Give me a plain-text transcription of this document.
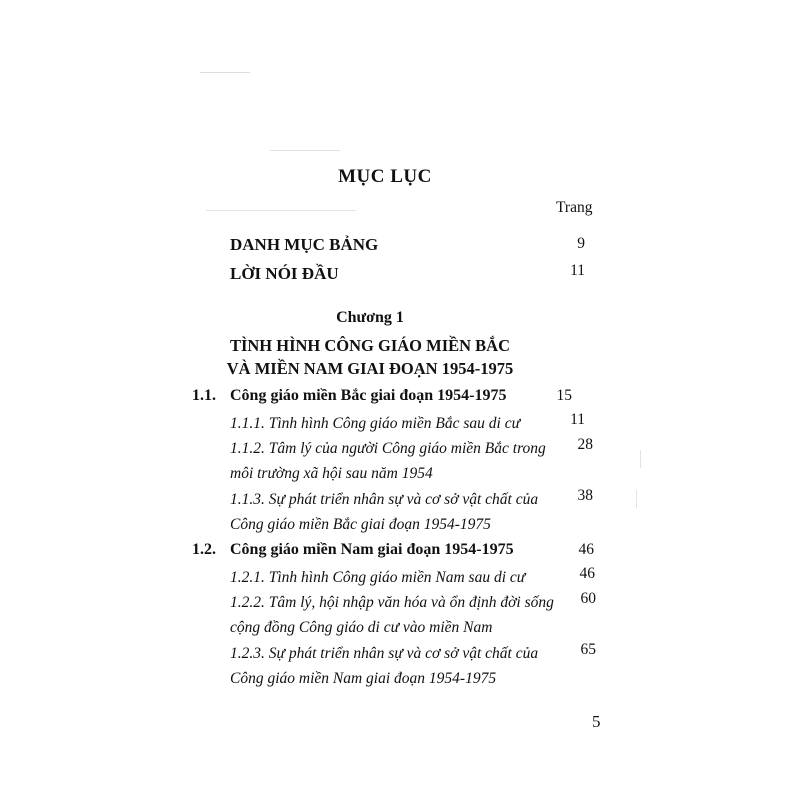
MỤC LỤC
Trang
DANH MỤC BẢNG	9
LỜI NÓI ĐẦU	11
Chương 1
TÌNH HÌNH CÔNG GIÁO MIỀN BẮC
VÀ MIỀN NAM GIAI ĐOẠN 1954-1975
1.1. Công giáo miền Bắc giai đoạn 1954-1975	15
1.1.1. Tình hình Công giáo miền Bắc sau di cư	11
1.1.2. Tâm lý của người Công giáo miền Bắc trong
môi trường xã hội sau năm 1954
28
1.1.3. Sự phát triển nhân sự và cơ sở vật chất của
Công giáo miền Bắc giai đoạn 1954-1975
38
1.2. Công giáo miền Nam giai đoạn 1954-1975	46
1.2.1. Tình hình Công giáo miền Nam sau di cư	46
1.2.2. Tâm lý, hội nhập văn hóa và ổn định đời sống
cộng đồng Công giáo di cư vào miền Nam
60
1.2.3. Sự phát triển nhân sự và cơ sở vật chất của
Công giáo miền Nam giai đoạn 1954-1975
65
5
